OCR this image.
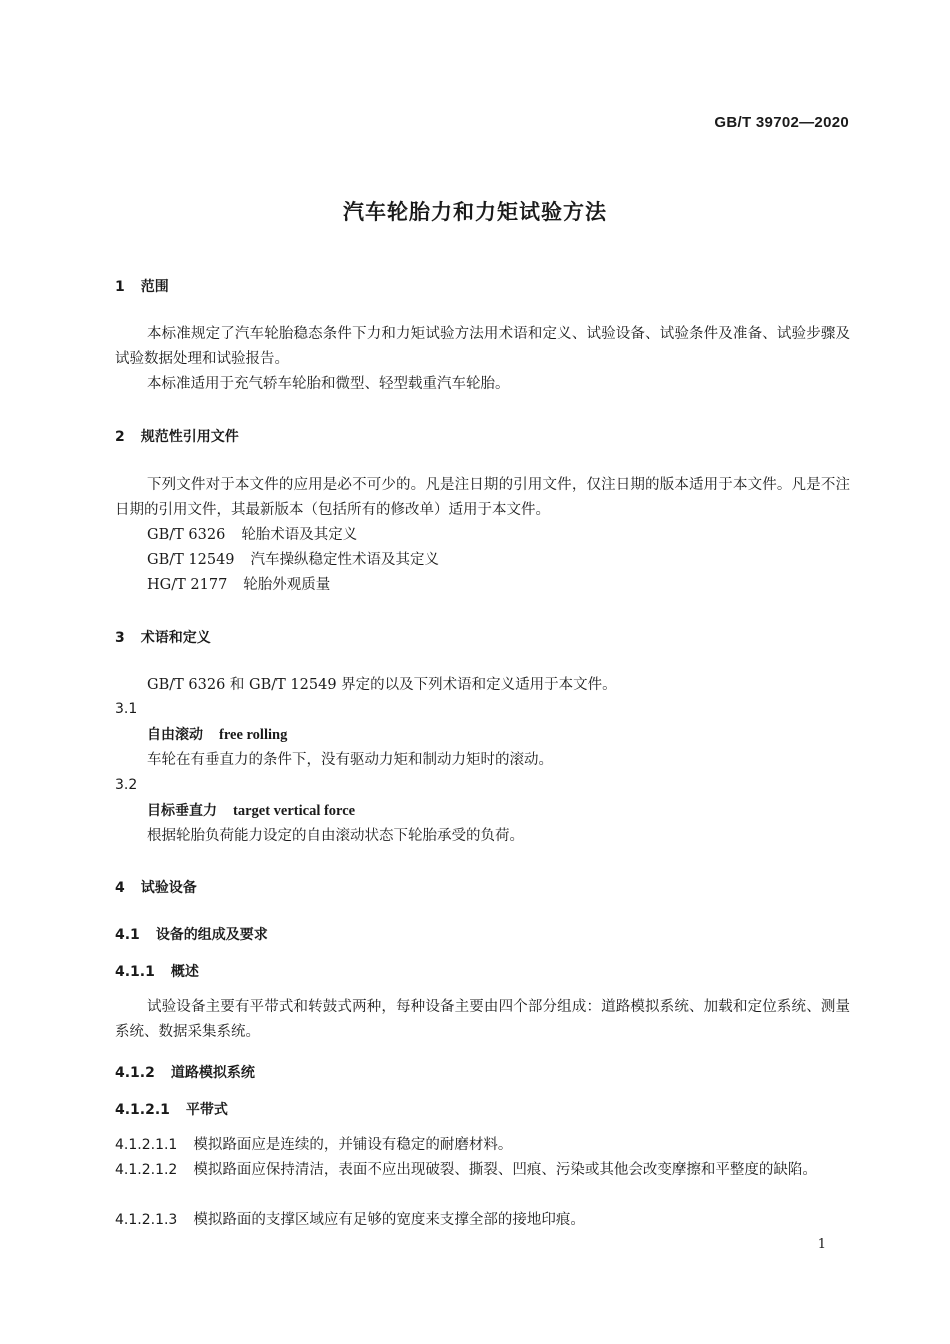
GB/T 39702—2020
汽车轮胎力和力矩试验方法
1 范围
本标准规定了汽车轮胎稳态条件下力和力矩试验方法用术语和定义、试验设备、试验条件及准备、试验步骤及试验数据处理和试验报告。
本标准适用于充气轿车轮胎和微型、轻型载重汽车轮胎。
2 规范性引用文件
下列文件对于本文件的应用是必不可少的。凡是注日期的引用文件，仅注日期的版本适用于本文件。凡是不注日期的引用文件，其最新版本（包括所有的修改单）适用于本文件。
GB/T 6326 轮胎术语及其定义
GB/T 12549 汽车操纵稳定性术语及其定义
HG/T 2177 轮胎外观质量
3 术语和定义
GB/T 6326 和 GB/T 12549 界定的以及下列术语和定义适用于本文件。
3.1
自由滚动 free rolling
车轮在有垂直力的条件下，没有驱动力矩和制动力矩时的滚动。
3.2
目标垂直力 target vertical force
根据轮胎负荷能力设定的自由滚动状态下轮胎承受的负荷。
4 试验设备
4.1 设备的组成及要求
4.1.1 概述
试验设备主要有平带式和转鼓式两种，每种设备主要由四个部分组成：道路模拟系统、加载和定位系统、测量系统、数据采集系统。
4.1.2 道路模拟系统
4.1.2.1 平带式
4.1.2.1.1 模拟路面应是连续的，并铺设有稳定的耐磨材料。
4.1.2.1.2 模拟路面应保持清洁，表面不应出现破裂、撕裂、凹痕、污染或其他会改变摩擦和平整度的缺陷。
4.1.2.1.3 模拟路面的支撑区域应有足够的宽度来支撑全部的接地印痕。
1
